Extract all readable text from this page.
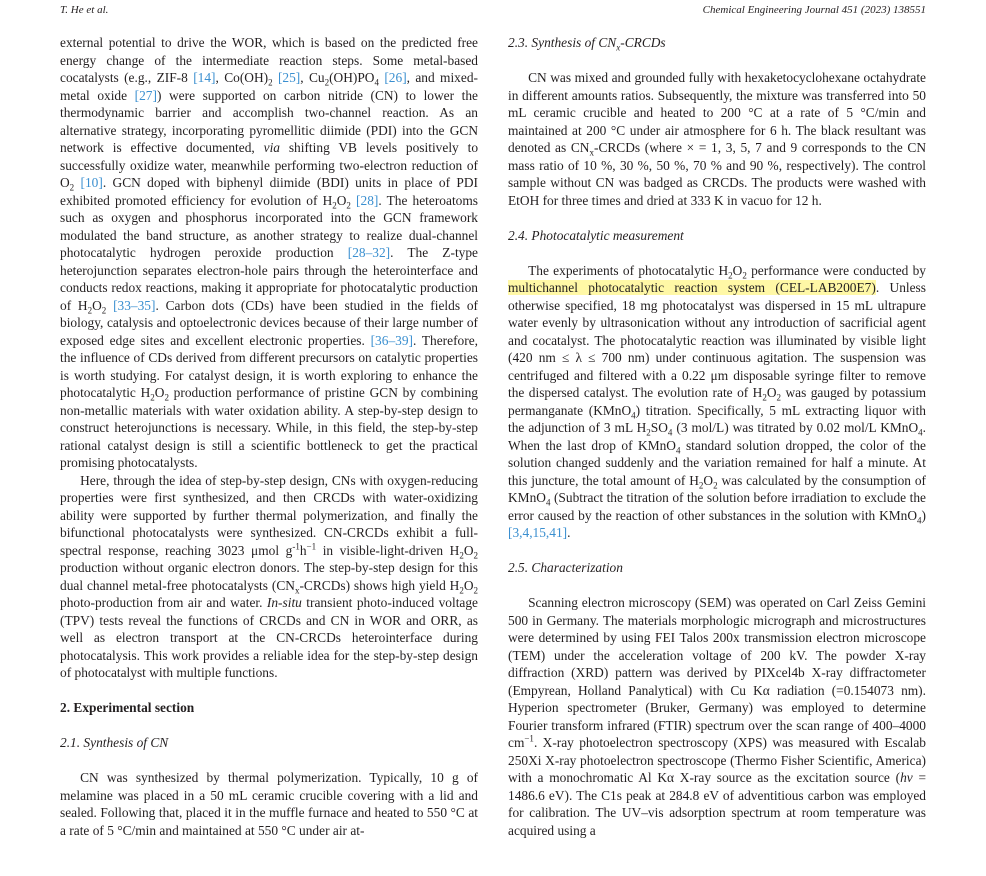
T. He et al.	Chemical Engineering Journal 451 (2023) 138551

external potential to drive the WOR, which is based on the predicted free energy change of the intermediate reaction steps. Some metal-based cocatalysts (e.g., ZIF-8 [14], $Co(OH)_2$ [25], $Cu_2(OH)PO_4$ [26], and mixed-metal oxide [27]) were supported on carbon nitride (CN) to lower the thermodynamic barrier and accomplish two-channel reaction. As an alternative strategy, incorporating pyromellitic diimide (PDI) into the GCN network is effective documented, via shifting VB levels positively to successfully oxidize water, meanwhile performing two-electron reduction of $O_2$ [10]. GCN doped with biphenyl diimide (BDI) units in place of PDI exhibited promoted efficiency for evolution of $H_2O_2$ [28]. The heteroatoms such as oxygen and phosphorus incorporated into the GCN framework modulated the band structure, as another strategy to realize dual-channel photocatalytic hydrogen peroxide production [28–32]. The Z-type heterojunction separates electron-hole pairs through the heterointerface and conducts redox reactions, making it appropriate for photocatalytic production of $H_2O_2$ [33–35]. Carbon dots (CDs) have been studied in the fields of biology, catalysis and optoelectronic devices because of their large number of exposed edge sites and excellent electronic properties. [36–39]. Therefore, the influence of CDs derived from different precursors on catalytic properties is worth studying. For catalyst design, it is worth exploring to enhance the photocatalytic $H_2O_2$ production performance of pristine GCN by combining non-metallic materials with water oxidation ability. A step-by-step design to construct heterojunctions is necessary. While, in this field, the step-by-step rational catalyst design is still a scientific bottleneck to get the practical promising photocatalysts.

Here, through the idea of step-by-step design, CNs with oxygen-reducing properties were first synthesized, and then CRCDs with water-oxidizing ability were supported by further thermal polymerization, and finally the bifunctional photocatalysts were synthesized. CN-CRCDs exhibit a full-spectral response, reaching 3023 μmol $g^{-1}h^{-1}$ in visible-light-driven $H_2O_2$ production without organic electron donors. The step-by-step design for this dual channel metal-free photocatalysts $(CN_x-CRCDs)$ shows high yield $H_2O_2$ photo-production from air and water. In-situ transient photo-induced voltage (TPV) tests reveal the functions of CRCDs and CN in WOR and ORR, as well as electron transport at the CN-CRCDs heterointerface during photocatalysis. This work provides a reliable idea for the step-by-step design of photocatalyst with multiple functions.

2. Experimental section

2.1. Synthesis of CN

CN was synthesized by thermal polymerization. Typically, 10 g of melamine was placed in a 50 mL ceramic crucible covering with a lid and sealed. Following that, placed it in the muffle furnace and heated to 550 °C at a rate of 5 °C/min and maintained at 550 °C under air at-

2.3. Synthesis of $CN_x$-CRCDs

CN was mixed and grounded fully with hexaketocyclohexane octahydrate in different amounts ratios. Subsequently, the mixture was transferred into 50 mL ceramic crucible and heated to 200 °C at a rate of 5 °C/min and maintained at 200 °C under air atmosphere for 6 h. The black resultant was denoted as $CN_x$-CRCDs (where × = 1, 3, 5, 7 and 9 corresponds to the CN mass ratio of 10 %, 30 %, 50 %, 70 % and 90 %, respectively). The control sample without CN was badged as CRCDs. The products were washed with EtOH for three times and dried at 333 K in vacuo for 12 h.

2.4. Photocatalytic measurement

The experiments of photocatalytic $H_2O_2$ performance were conducted by multichannel photocatalytic reaction system (CEL-LAB200E7). Unless otherwise specified, 18 mg photocatalyst was dispersed in 15 mL ultrapure water evenly by ultrasonication without any introduction of sacrificial agent and cocatalyst. The photocatalytic reaction was illuminated by visible light (420 nm ≤ λ ≤ 700 nm) under continuous agitation. The suspension was centrifuged and filtered with a 0.22 μm disposable syringe filter to remove the dispersed catalyst. The evolution rate of $H_2O_2$ was gauged by potassium permanganate (KMnO$_4$) titration. Specifically, 5 mL extracting liquor with the adjunction of 3 mL $H_2SO_4$ (3 mol/L) was titrated by 0.02 mol/L KMnO$_4$. When the last drop of KMnO$_4$ standard solution dropped, the color of the solution changed suddenly and the variation remained for half a minute. At this juncture, the total amount of $H_2O_2$ was calculated by the consumption of KMnO$_4$ (Subtract the titration of the solution before irradiation to exclude the error caused by the reaction of other substances in the solution with KMnO$_4$) [3,4,15,41].

2.5. Characterization

Scanning electron microscopy (SEM) was operated on Carl Zeiss Gemini 500 in Germany. The materials morphologic micrograph and microstructures were determined by using FEI Talos 200x transmission electron microscope (TEM) under the acceleration voltage of 200 kV. The powder X-ray diffraction (XRD) pattern was derived by PIXcel4b X-ray diffractometer (Empyrean, Holland Panalytical) with Cu Kα radiation (=0.154073 nm). Hyperion spectrometer (Bruker, Germany) was employed to determine Fourier transform infrared (FTIR) spectrum over the scan range of 400–4000 $cm^{-1}$. X-ray photoelectron spectroscopy (XPS) was measured with Escalab 250Xi X-ray photoelectron spectroscope (Thermo Fisher Scientific, America) with a monochromatic Al Kα X-ray source as the excitation source (hν = 1486.6 eV). The C1s peak at 284.8 eV of adventitious carbon was employed for calibration. The UV–vis adsorption spectrum at room temperature was acquired using a
